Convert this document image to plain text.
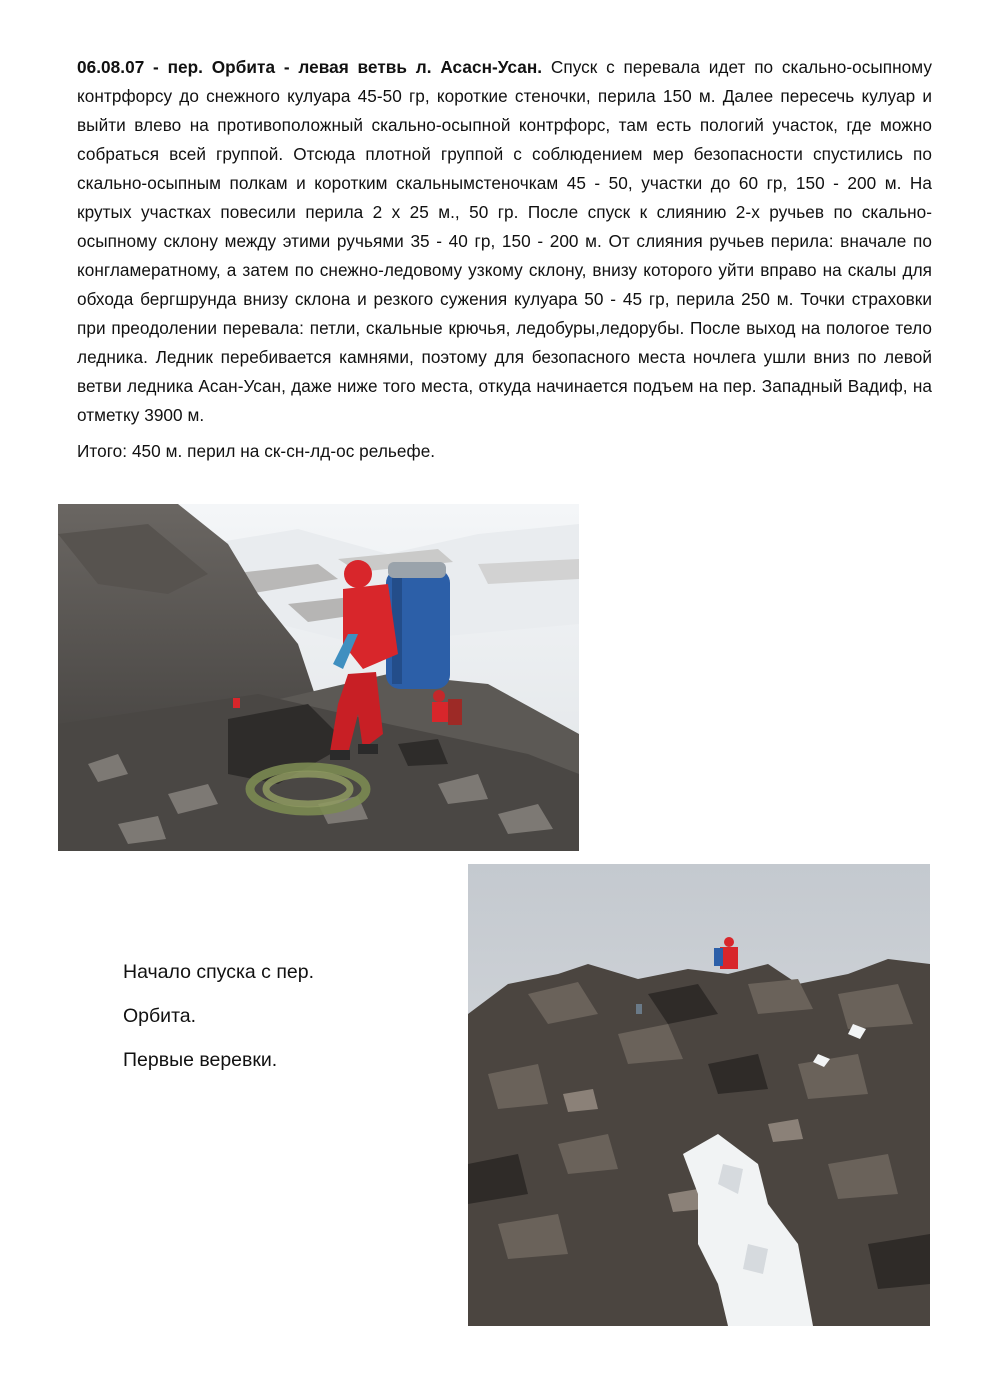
06.08.07 - пер. Орбита - левая ветвь л. Асасн-Усан. Спуск с перевала идет по скально-осыпному контрфорсу до снежного кулуара 45-50 гр, короткие стеночки, перила 150 м. Далее пересечь кулуар и выйти влево на противоположный скально-осыпной контрфорс, там есть пологий участок, где можно собраться всей группой. Отсюда плотной группой с соблюдением мер безопасности спустились по скально-осыпным полкам и коротким скальнымстеночкам 45 - 50, участки до 60 гр, 150 - 200 м. На крутых участках повесили перила 2 х 25 м., 50 гр. После спуск к слиянию 2-х ручьев по скально-осыпному склону между этими ручьями 35 - 40 гр, 150 - 200 м. От слияния ручьев перила: вначале по конгламератному, а затем по снежно-ледовому узкому склону, внизу которого уйти вправо на скалы для обхода бергшрунда внизу склона и резкого сужения кулуара 50 - 45 гр, перила 250 м. Точки страховки при преодолении перевала: петли, скальные крючья, ледобуры,ледорубы. После выход на пологое тело ледника. Ледник перебивается камнями, поэтому для безопасного места ночлега ушли вниз по левой ветви ледника Асан-Усан, даже ниже того места, откуда начинается подъем на пер. Западный Вадиф, на отметку 3900 м.

Итого: 450 м. перил на ск-сн-лд-ос рельефе.

Начало спуска с пер.
Орбита.
Первые веревки.
